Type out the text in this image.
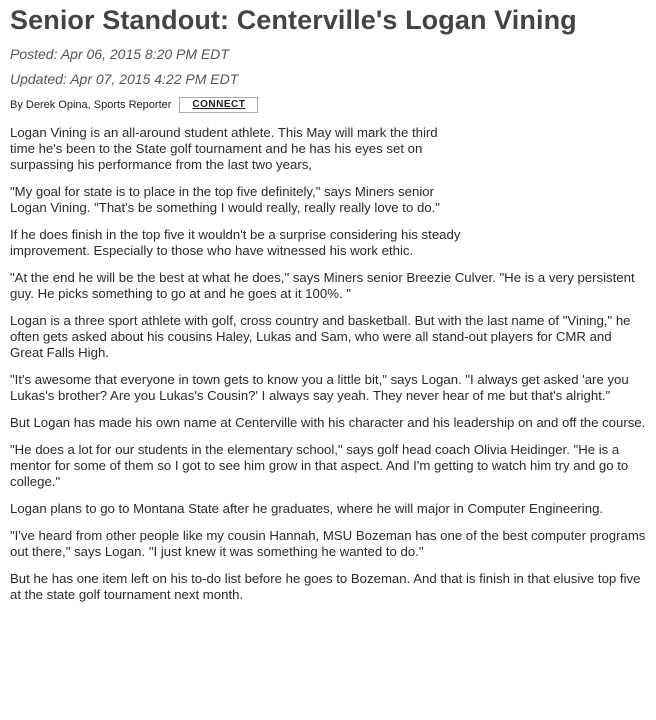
Senior Standout: Centerville's Logan Vining
Posted: Apr 06, 2015 8:20 PM EDT
Updated: Apr 07, 2015 4:22 PM EDT
By Derek Opina, Sports Reporter	CONNECT

Logan Vining is an all-around student athlete. This May will mark the third time he's been to the State golf tournament and he has his eyes set on surpassing his performance from the last two years,

"My goal for state is to place in the top five definitely," says Miners senior Logan Vining. "That's be something I would really, really really love to do."

If he does finish in the top five it wouldn't be a surprise considering his steady improvement. Especially to those who have witnessed his work ethic.

"At the end he will be the best at what he does," says Miners senior Breezie Culver. "He is a very persistent guy. He picks something to go at and he goes at it 100%. "

Logan is a three sport athlete with golf, cross country and basketball. But with the last name of "Vining," he often gets asked about his cousins Haley, Lukas and Sam, who were all stand-out players for CMR and Great Falls High.

"It's awesome that everyone in town gets to know you a little bit," says Logan. "I always get asked 'are you Lukas's brother? Are you Lukas's Cousin?' I always say yeah. They never hear of me but that's alright."

But Logan has made his own name at Centerville with his character and his leadership on and off the course.

"He does a lot for our students in the elementary school," says golf head coach Olivia Heidinger. "He is a mentor for some of them so I got to see him grow in that aspect. And I'm getting to watch him try and go to college."

Logan plans to go to Montana State after he graduates, where he will major in Computer Engineering.

"I've heard from other people like my cousin Hannah, MSU Bozeman has one of the best computer programs out there," says Logan. "I just knew it was something he wanted to do."

But he has one item left on his to-do list before he goes to Bozeman. And that is finish in that elusive top five at the state golf tournament next month.
